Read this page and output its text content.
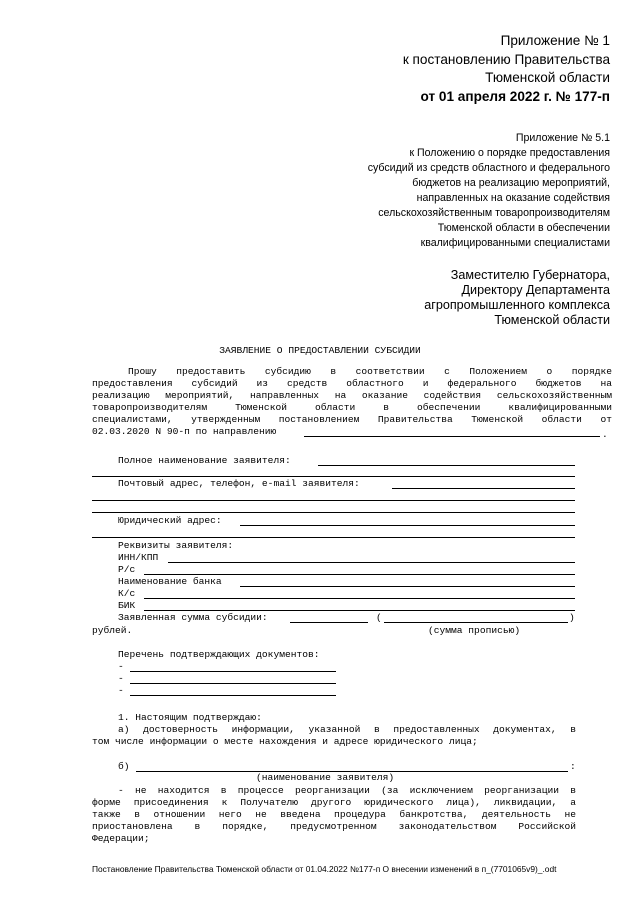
Приложение № 1
к постановлению Правительства
Тюменской области
от 01 апреля 2022 г. № 177-п
Приложение № 5.1
к Положению о порядке предоставления
субсидий из средств областного и федерального
бюджетов на реализацию мероприятий,
направленных на оказание содействия
сельскохозяйственным товаропроизводителям
Тюменской области в обеспечении
квалифицированными специалистами
Заместителю Губернатора,
Директору Департамента
агропромышленного комплекса
Тюменской области
ЗАЯВЛЕНИЕ О ПРЕДОСТАВЛЕНИИ СУБСИДИИ
Прошу предоставить субсидию в соответствии с Положением о порядке
предоставления субсидий из средств областного и федерального бюджетов на
реализацию мероприятий, направленных на оказание содействия сельскохозяйственным
товаропроизводителям Тюменской области в обеспечении квалифицированными
специалистами, утвержденным постановлением Правительства Тюменской области от
02.03.2020 N 90-п по направлению	.
Полное наименование заявителя:
Почтовый адрес, телефон, e-mail заявителя:
Юридический адрес:
Реквизиты заявителя:
ИНН/КПП
Р/с
Наименование банка
К/с
БИК
Заявленная сумма субсидии:	(	)
рублей.	(сумма прописью)
Перечень подтверждающих документов:
-
-
-
1. Настоящим подтверждаю:
а) достоверность информации, указанной в предоставленных документах, в
том числе информации о месте нахождения и адресе юридического лица;
б)	:
(наименование заявителя)
- не находится в процессе реорганизации (за исключением реорганизации в
форме присоединения к Получателю другого юридического лица), ликвидации, а
также в отношении него не введена процедура банкротства, деятельность не
приостановлена в порядке, предусмотренном законодательством Российской
Федерации;
Постановление Правительства Тюменской области от 01.04.2022 №177-п О внесении изменений в п_(7701065v9)_.odt
